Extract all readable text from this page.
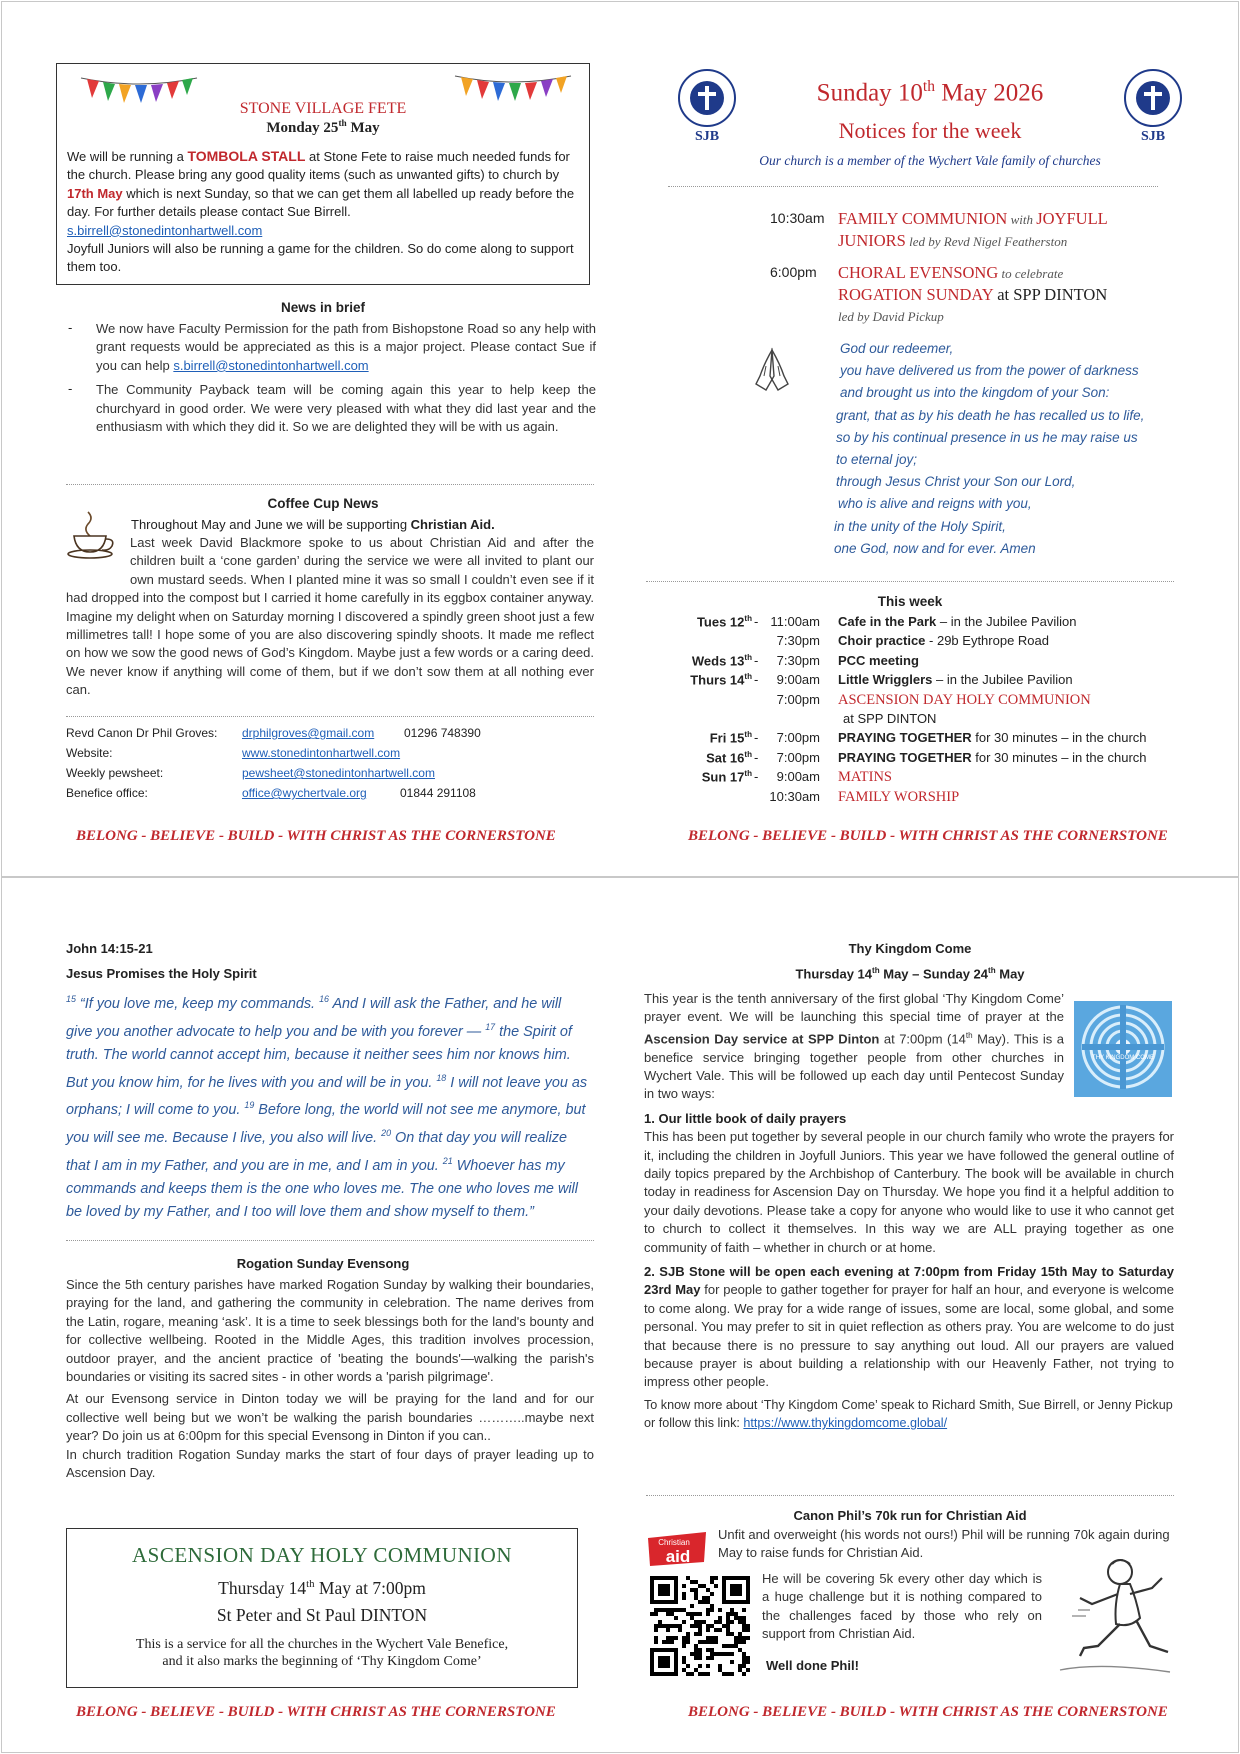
STONE VILLAGE FETE
Monday 25th May

We will be running a TOMBOLA STALL at Stone Fete to raise much needed funds for the church. Please bring any good quality items (such as unwanted gifts) to church by 17th May which is next Sunday, so that we can get them all labelled up ready before the day. For further details please contact Sue Birrell.
s.birrell@stonedintonhartwell.com
Joyfull Juniors will also be running a game for the children. So do come along to support them too.

News in brief
- We now have Faculty Permission for the path from Bishopstone Road so any help with grant requests would be appreciated as this is a major project. Please contact Sue if you can help s.birrell@stonedintonhartwell.com

- The Community Payback team will be coming again this year to help keep the churchyard in good order. We were very pleased with what they did last year and the enthusiasm with which they did it. So we are delighted they will be with us again.

Coffee Cup News
Throughout May and June we will be supporting Christian Aid.

Last week David Blackmore spoke to us about Christian Aid and after the children built a ‘cone garden’ during the service we were all invited to plant our own mustard seeds. When I planted mine it was so small I couldn’t even see if it had dropped into the compost but I carried it home carefully in its eggbox container anyway. Imagine my delight when on Saturday morning I discovered a spindly green shoot just a few millimetres tall! I hope some of you are also discovering spindly shoots. It made me reflect on how we sow the good news of God’s Kingdom. Maybe just a few words or a caring deed. We never know if anything will come of them, but if we don’t sow them at all nothing ever can.

Revd Canon Dr Phil Groves: drphilgroves@gmail.com 01296 748390
Website:	www.stonedintonhartwell.com
Weekly pewsheet:	pewsheet@stonedintonhartwell.com
Benefice office:	office@wychertvale.org	01844 291108
BELONG - BELIEVE - BUILD - WITH CHRIST AS THE CORNERSTONE
SJB	SJB
Sunday 10th May 2026
Notices for the week
Our church is a member of the Wychert Vale family of churches
10:30am FAMILY COMMUNION with JOYFULL
JUNIORS led by Revd Nigel Featherston
6:00pm CHORAL EVENSONG to celebrate
ROGATION SUNDAY at SPP DINTON
led by David Pickup
God our redeemer,
you have delivered us from the power of darkness
and brought us into the kingdom of your Son:
grant, that as by his death he has recalled us to life,
so by his continual presence in us he may raise us
to eternal joy;
through Jesus Christ your Son our Lord,
who is alive and reigns with you,
in the unity of the Holy Spirit,
one God, now and for ever. Amen
This week
Tues 12th - 11:00am Cafe in the Park – in the Jubilee Pavilion
7:30pm Choir practice - 29b Eythrope Road
Weds 13th - 7:30pm PCC meeting
Thurs 14th - 9:00am Little Wrigglers – in the Jubilee Pavilion
7:00pm ASCENSION DAY HOLY COMMUNION
at SPP DINTON
Fri 15th - 7:00pm PRAYING TOGETHER for 30 minutes – in the church
Sat 16th - 7:00pm PRAYING TOGETHER for 30 minutes – in the church
Sun 17th - 9:00am MATINS
10:30am FAMILY WORSHIP
BELONG - BELIEVE - BUILD - WITH CHRIST AS THE CORNERSTONE
John 14:15-21
Jesus Promises the Holy Spirit

$^{15}$ “If you love me, keep my commands. $^{16}$ And I will ask the Father, and he will give you another advocate to help you and be with you forever — $^{17}$ the Spirit of truth. The world cannot accept him, because it neither sees him nor knows him. But you know him, for he lives with you and will be in you. $^{18}$ I will not leave you as orphans; I will come to you. $^{19}$ Before long, the world will not see me anymore, but you will see me. Because I live, you also will live. $^{20}$ On that day you will realize that I am in my Father, and you are in me, and I am in you. $^{21}$ Whoever has my commands and keeps them is the one who loves me. The one who loves me will be loved by my Father, and I too will love them and show myself to them.”

Rogation Sunday Evensong

Since the 5th century parishes have marked Rogation Sunday by walking their boundaries, praying for the land, and gathering the community in celebration. The name derives from the Latin, rogare, meaning ‘ask’. It is a time to seek blessings both for the land's bounty and for collective wellbeing. Rooted in the Middle Ages, this tradition involves procession, outdoor prayer, and the ancient practice of 'beating the bounds'—walking the parish's boundaries or visiting its sacred sites - in other words a 'parish pilgrimage'.

At our Evensong service in Dinton today we will be praying for the land and for our collective well being but we won’t be walking the parish boundaries ………..maybe next year? Do join us at 6:00pm for this special Evensong in Dinton if you can..

In church tradition Rogation Sunday marks the start of four days of prayer leading up to Ascension Day.

ASCENSION DAY HOLY COMMUNION
Thursday 14th May at 7:00pm
St Peter and St Paul DINTON
This is a service for all the churches in the Wychert Vale Benefice,
and it also marks the beginning of ‘Thy Kingdom Come’
BELONG - BELIEVE - BUILD - WITH CHRIST AS THE CORNERSTONE
Thy Kingdom Come
Thursday 14th May – Sunday 24th May
THY KINGDOM COME

This year is the tenth anniversary of the first global ‘Thy Kingdom Come’ prayer event. We will be launching this special time of prayer at the Ascension Day service at SPP Dinton at 7:00pm (14th May). This is a benefice service bringing together people from other churches in Wychert Vale. This will be followed up each day until Pentecost Sunday in two ways:

1. Our little book of daily prayers

This has been put together by several people in our church family who wrote the prayers for it, including the children in Joyfull Juniors. This year we have followed the general outline of daily topics prepared by the Archbishop of Canterbury. The book will be available in church today in readiness for Ascension Day on Thursday. We hope you find it a helpful addition to your daily devotions. Please take a copy for anyone who would like to use it who cannot get to church to collect it themselves. In this way we are ALL praying together as one community of faith – whether in church or at home.

2. SJB Stone will be open each evening at 7:00pm from Friday 15th May to Saturday 23rd May for people to gather together for prayer for half an hour, and everyone is welcome to come along. We pray for a wide range of issues, some are local, some global, and some personal. You may prefer to sit in quiet reflection as others pray. You are welcome to do just that because there is no pressure to say anything out loud. All our prayers are valued because prayer is about building a relationship with our Heavenly Father, not trying to impress other people.

To know more about ‘Thy Kingdom Come’ speak to Richard Smith, Sue Birrell, or Jenny Pickup or follow this link: https://www.thykingdomcome.global/

Canon Phil’s 70k run for Christian Aid
Christian
aid

Unfit and overweight (his words not ours!) Phil will be running 70k again during May to raise funds for Christian Aid.

He will be covering 5k every other day which is a huge challenge but it is nothing compared to the challenges faced by those who rely on support from Christian Aid.

Well done Phil!
BELONG - BELIEVE - BUILD - WITH CHRIST AS THE CORNERSTONE
